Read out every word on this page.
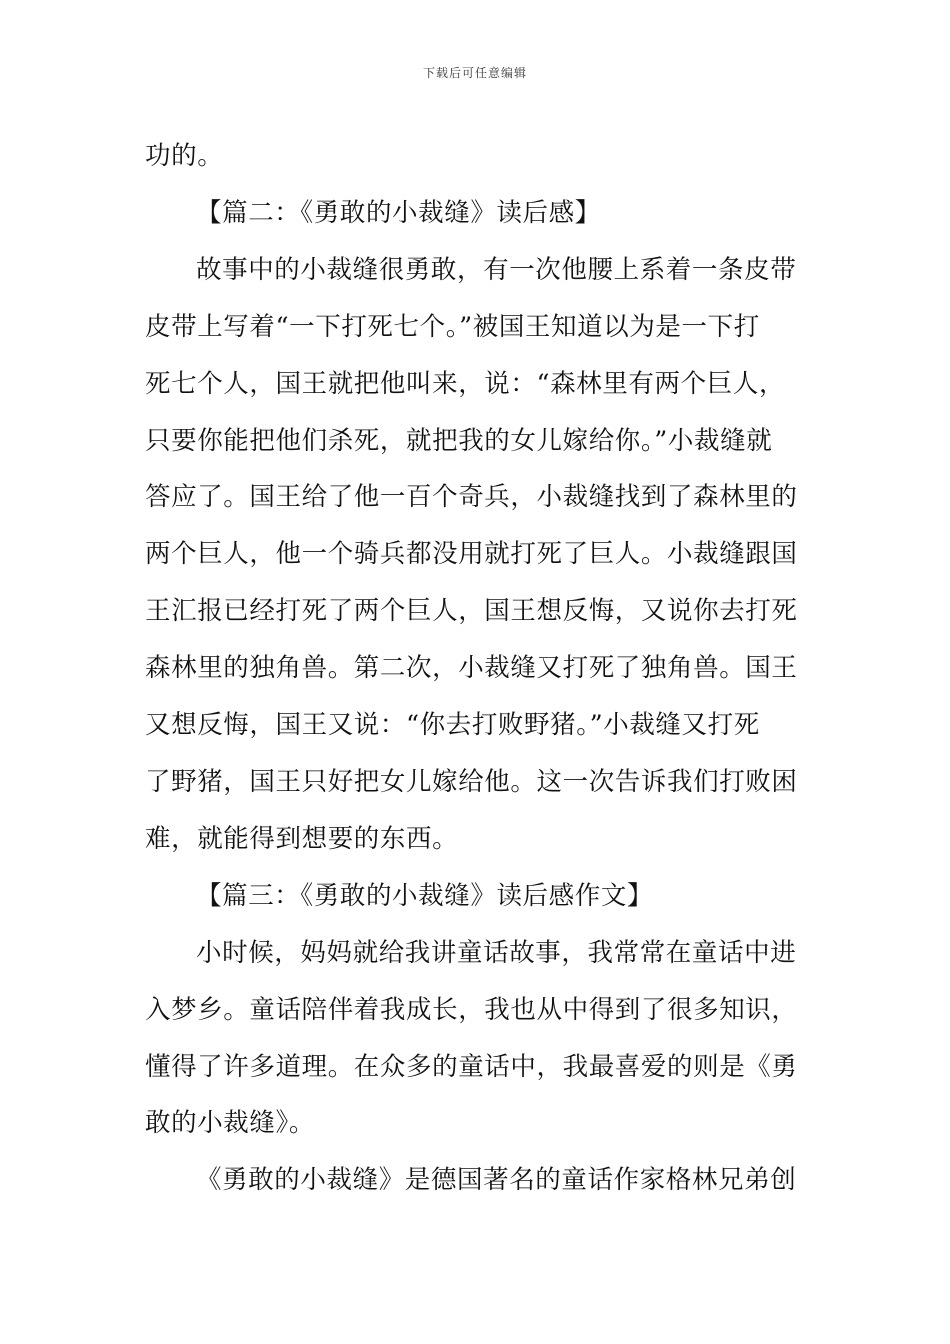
下载后可任意编辑

功的。

【篇二：《勇敢的小裁缝》读后感】

故事中的小裁缝很勇敢，有一次他腰上系着一条皮带

皮带上写着“一下打死七个。”被国王知道以为是一下打

死七个人，国王就把他叫来，说：“森林里有两个巨人，

只要你能把他们杀死，就把我的女儿嫁给你。”小裁缝就

答应了。国王给了他一百个奇兵，小裁缝找到了森林里的

两个巨人，他一个骑兵都没用就打死了巨人。小裁缝跟国

王汇报已经打死了两个巨人，国王想反悔，又说你去打死

森林里的独角兽。第二次，小裁缝又打死了独角兽。国王

又想反悔，国王又说：“你去打败野猪。”小裁缝又打死

了野猪，国王只好把女儿嫁给他。这一次告诉我们打败困

难，就能得到想要的东西。

【篇三：《勇敢的小裁缝》读后感作文】

小时候，妈妈就给我讲童话故事，我常常在童话中进

入梦乡。童话陪伴着我成长，我也从中得到了很多知识，

懂得了许多道理。在众多的童话中，我最喜爱的则是《勇

敢的小裁缝》。

《勇敢的小裁缝》是德国著名的童话作家格林兄弟创
